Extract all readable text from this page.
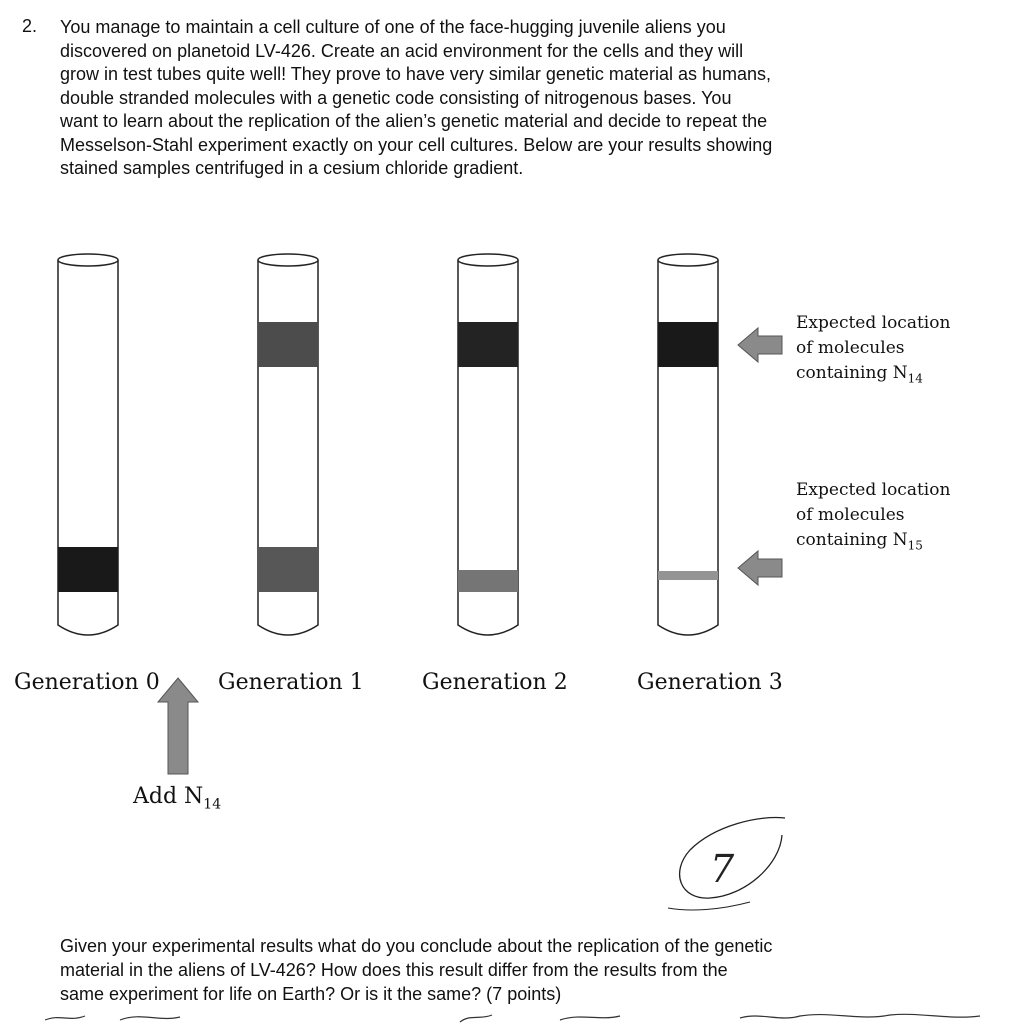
2. You manage to maintain a cell culture of one of the face-hugging juvenile aliens you
discovered on planetoid LV-426. Create an acid environment for the cells and they will
grow in test tubes quite well! They prove to have very similar genetic material as humans,
double stranded molecules with a genetic code consisting of nitrogenous bases. You
want to learn about the replication of the alien’s genetic material and decide to repeat the
Messelson-Stahl experiment exactly on your cell cultures. Below are your results showing
stained samples centrifuged in a cesium chloride gradient.
Expected location
of molecules
containing $N_{14}$
Expected location
of molecules
containing $N_{15}$
Generation 0	Generation 1	Generation 2	Generation 3
Add $N_{14}$
7
Given your experimental results what do you conclude about the replication of the genetic
material in the aliens of LV-426? How does this result differ from the results from the
same experiment for life on Earth? Or is it the same? (7 points)
